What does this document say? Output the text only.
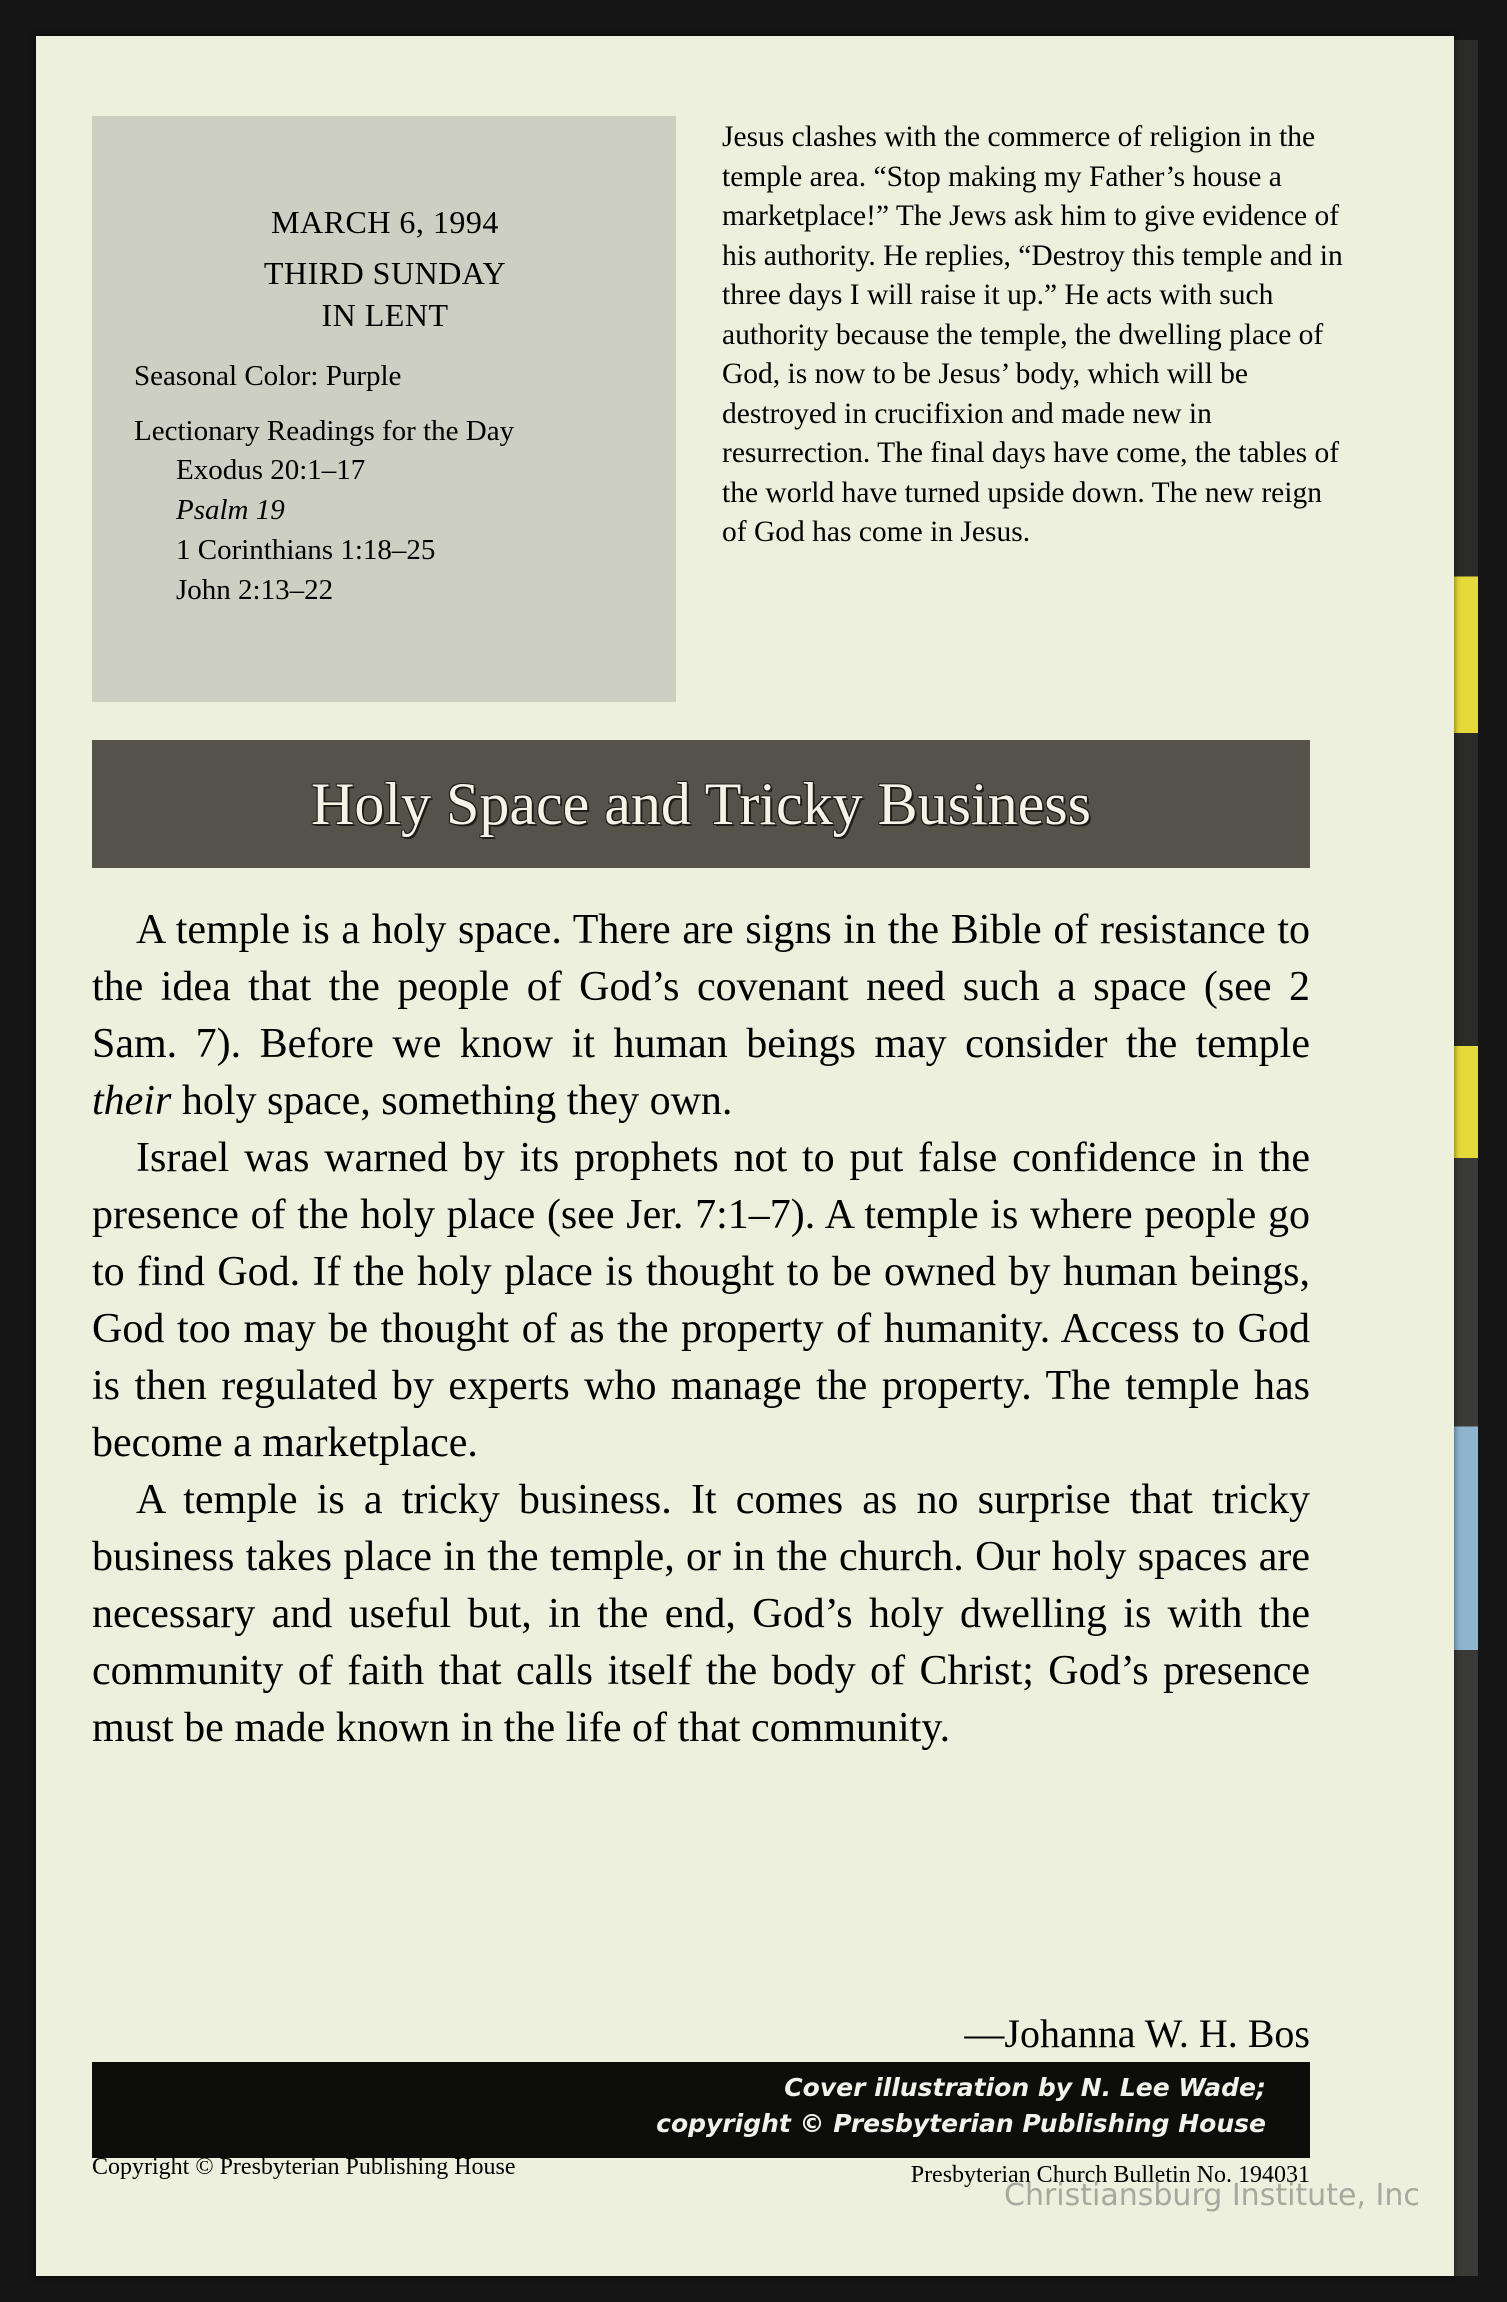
MARCH 6, 1994
THIRD SUNDAY
IN LENT
Seasonal Color: Purple
Lectionary Readings for the Day
Exodus 20:1–17
Psalm 19
1 Corinthians 1:18–25
John 2:13–22
Jesus clashes with the commerce of religion in the temple area. “Stop making my Father’s house a marketplace!” The Jews ask him to give evidence of his authority. He replies, “Destroy this temple and in three days I will raise it up.” He acts with such authority because the temple, the dwelling place of God, is now to be Jesus’ body, which will be destroyed in crucifixion and made new in resurrection. The final days have come, the tables of the world have turned upside down. The new reign of God has come in Jesus.
Holy Space and Tricky Business

A temple is a holy space. There are signs in the Bible of resistance to the idea that the people of God’s covenant need such a space (see 2 Sam. 7). Before we know it human beings may consider the temple their holy space, something they own.

Israel was warned by its prophets not to put false confidence in the presence of the holy place (see Jer. 7:1–7). A temple is where people go to find God. If the holy place is thought to be owned by human beings, God too may be thought of as the property of humanity. Access to God is then regulated by experts who manage the property. The temple has become a marketplace.

A temple is a tricky business. It comes as no surprise that tricky business takes place in the temple, or in the church. Our holy spaces are necessary and useful but, in the end, God’s holy dwelling is with the community of faith that calls itself the body of Christ; God’s presence must be made known in the life of that community.

—Johanna W. H. Bos
Cover illustration by N. Lee Wade;
copyright © Presbyterian Publishing House
Copyright © Presbyterian Publishing House	Presbyterian Church Bulletin No. 194031
Christiansburg Institute, Inc
